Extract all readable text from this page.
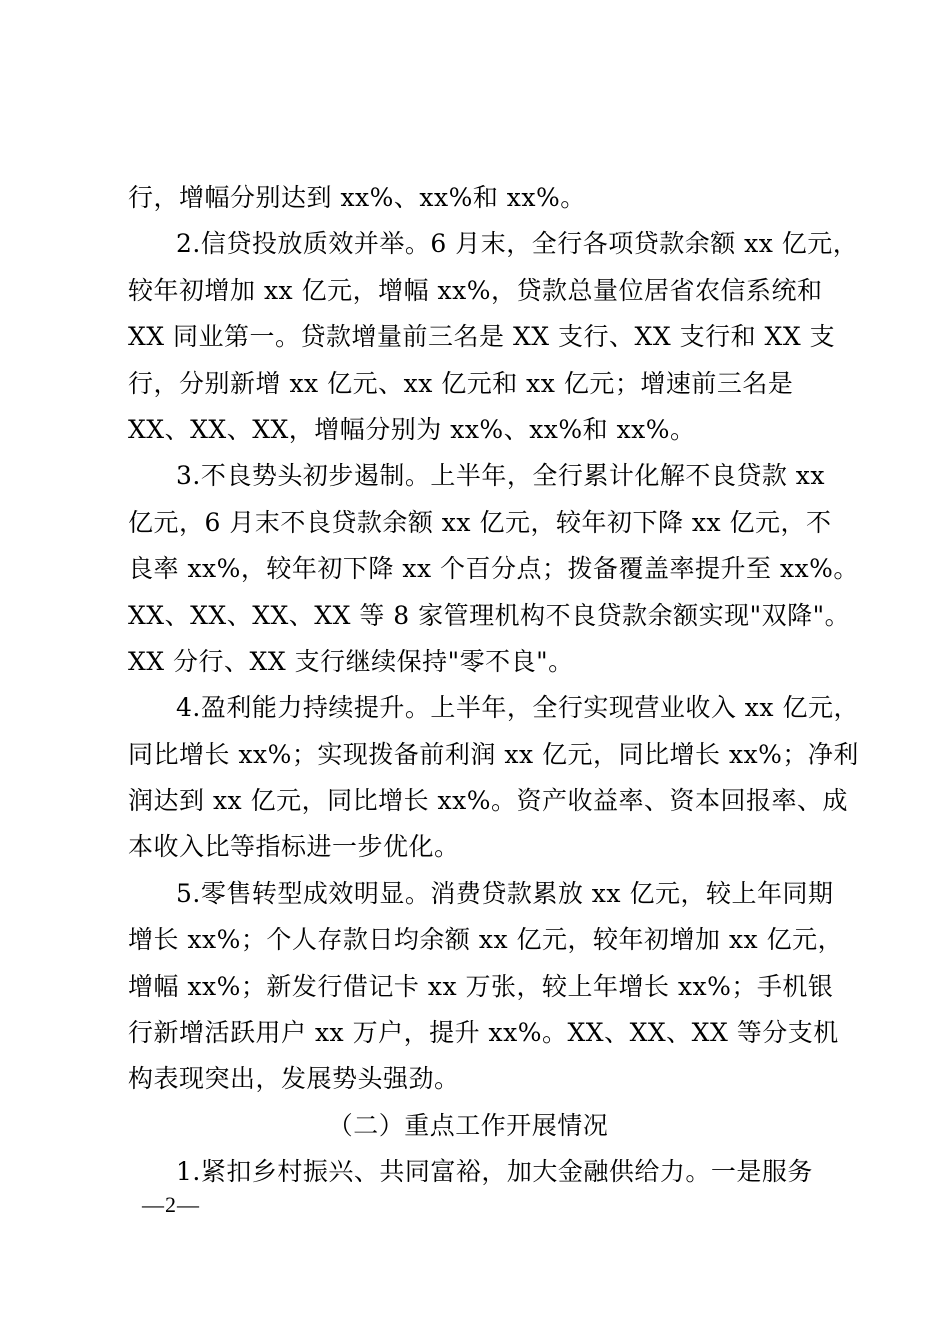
行，增幅分别达到 xx%、xx%和 xx%。
2.信贷投放质效并举。6 月末，全行各项贷款余额 xx 亿元，
较年初增加 xx 亿元，增幅 xx%，贷款总量位居省农信系统和
XX 同业第一。贷款增量前三名是 XX 支行、XX 支行和 XX 支
行，分别新增 xx 亿元、xx 亿元和 xx 亿元；增速前三名是
XX、XX、XX，增幅分别为 xx%、xx%和 xx%。
3.不良势头初步遏制。上半年，全行累计化解不良贷款 xx
亿元，6 月末不良贷款余额 xx 亿元，较年初下降 xx 亿元，不
良率 xx%，较年初下降 xx 个百分点；拨备覆盖率提升至 xx%。
XX、XX、XX、XX 等 8 家管理机构不良贷款余额实现"双降"。
XX 分行、XX 支行继续保持"零不良"。
4.盈利能力持续提升。上半年，全行实现营业收入 xx 亿元，
同比增长 xx%；实现拨备前利润 xx 亿元，同比增长 xx%；净利
润达到 xx 亿元，同比增长 xx%。资产收益率、资本回报率、成
本收入比等指标进一步优化。
5.零售转型成效明显。消费贷款累放 xx 亿元，较上年同期
增长 xx%；个人存款日均余额 xx 亿元，较年初增加 xx 亿元，
增幅 xx%；新发行借记卡 xx 万张，较上年增长 xx%；手机银
行新增活跃用户 xx 万户，提升 xx%。XX、XX、XX 等分支机
构表现突出，发展势头强劲。
（二）重点工作开展情况
1.紧扣乡村振兴、共同富裕，加大金融供给力。一是服务
—2—
